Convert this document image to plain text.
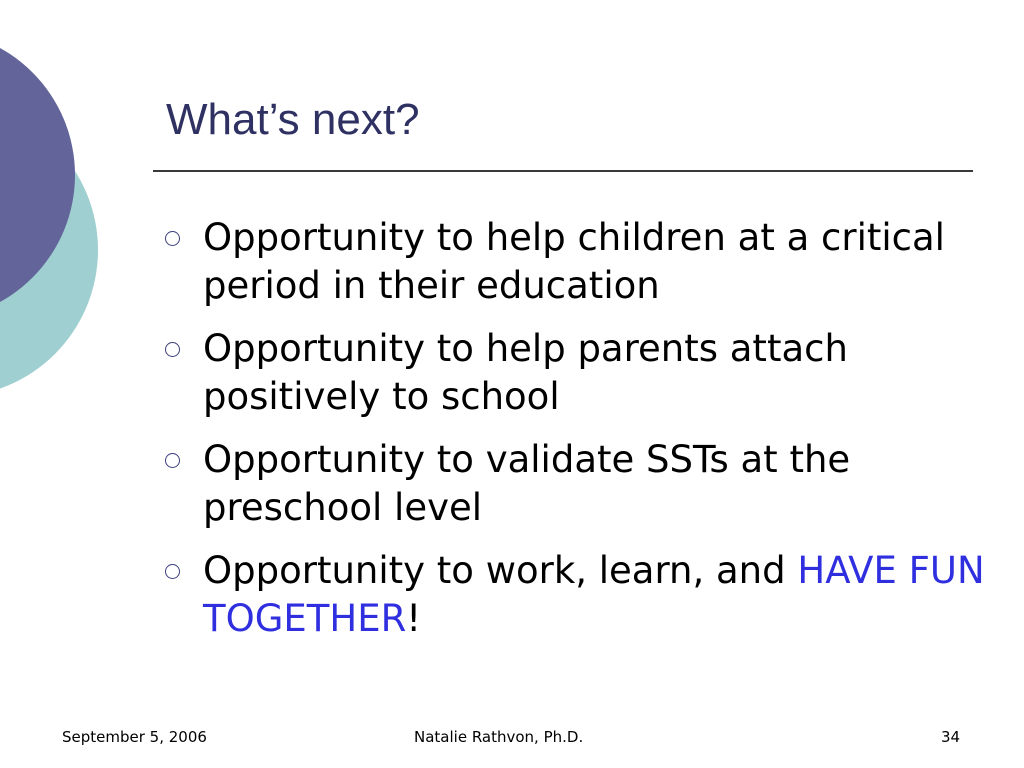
What’s next?
Opportunity to help children at a critical period in their education
Opportunity to help parents attach positively to school
Opportunity to validate SSTs at the preschool level
Opportunity to work, learn, and HAVE FUN TOGETHER!
September 5, 2006	Natalie Rathvon, Ph.D.	34
